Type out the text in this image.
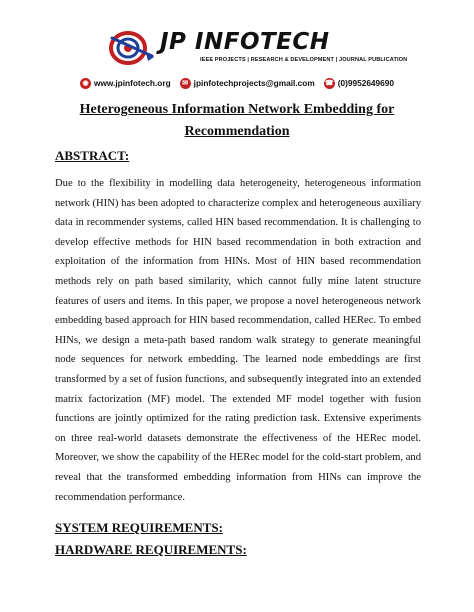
JP INFOTECH
IEEE PROJECTS | RESEARCH & DEVELOPMENT | JOURNAL PUBLICATION
◉ www.jpinfotech.org	✉ jpinfotechprojects@gmail.com ☎ (0)9952649690
Heterogeneous Information Network Embedding for
Recommendation
ABSTRACT:
Due to the flexibility in modelling data heterogeneity, heterogeneous information network (HIN) has been adopted to characterize complex and heterogeneous auxiliary data in recommender systems, called HIN based recommendation. It is challenging to develop effective methods for HIN based recommendation in both extraction and exploitation of the information from HINs. Most of HIN based recommendation methods rely on path based similarity, which cannot fully mine latent structure features of users and items. In this paper, we propose a novel heterogeneous network embedding based approach for HIN based recommendation, called HERec. To embed HINs, we design a meta-path based random walk strategy to generate meaningful node sequences for network embedding. The learned node embeddings are first transformed by a set of fusion functions, and subsequently integrated into an extended matrix factorization (MF) model. The extended MF model together with fusion functions are jointly optimized for the rating prediction task. Extensive experiments on three real-world datasets demonstrate the effectiveness of the HERec model. Moreover, we show the capability of the HERec model for the cold-start problem, and reveal that the transformed embedding information from HINs can improve the recommendation performance.
SYSTEM REQUIREMENTS:
HARDWARE REQUIREMENTS:
